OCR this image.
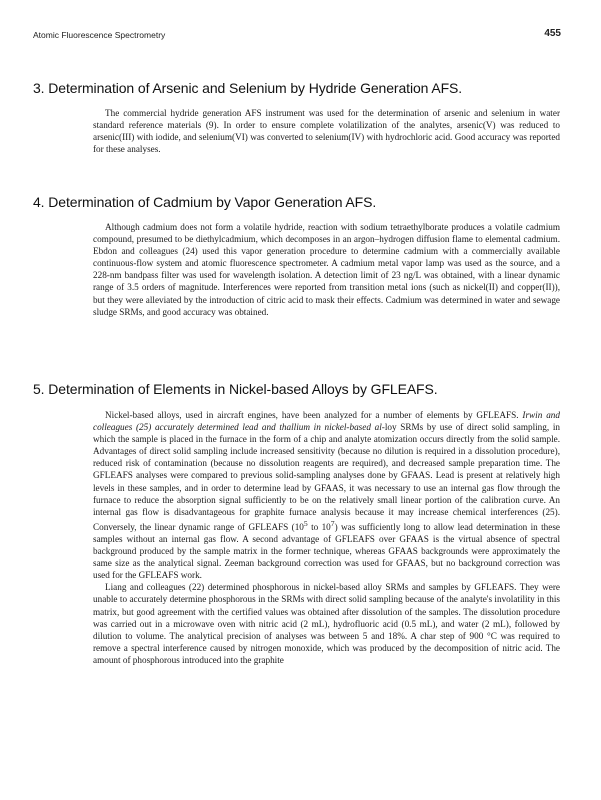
Atomic Fluorescence Spectrometry	455
3. Determination of Arsenic and Selenium by Hydride Generation AFS.

The commercial hydride generation AFS instrument was used for the determination of arsenic and selenium in water standard reference materials (9). In order to ensure complete volatilization of the analytes, arsenic(V) was reduced to arsenic(III) with iodide, and selenium(VI) was converted to selenium(IV) with hydrochloric acid. Good accuracy was reported for these analyses.

4. Determination of Cadmium by Vapor Generation AFS.

Although cadmium does not form a volatile hydride, reaction with sodium tetraethylborate produces a volatile cadmium compound, presumed to be diethylcadmium, which decomposes in an argon–hydrogen diffusion flame to elemental cadmium. Ebdon and colleagues (24) used this vapor generation procedure to determine cadmium with a commercially available continuous-flow system and atomic fluorescence spectrometer. A cadmium metal vapor lamp was used as the source, and a 228-nm bandpass filter was used for wavelength isolation. A detection limit of 23 ng/L was obtained, with a linear dynamic range of 3.5 orders of magnitude. Interferences were reported from transition metal ions (such as nickel(II) and copper(II)), but they were alleviated by the introduction of citric acid to mask their effects. Cadmium was determined in water and sewage sludge SRMs, and good accuracy was obtained.

5. Determination of Elements in Nickel-based Alloys by GFLEAFS.

Nickel-based alloys, used in aircraft engines, have been analyzed for a number of elements by GFLEAFS. Irwin and colleagues (25) accurately determined lead and thallium in nickel-based al-loy SRMs by use of direct solid sampling, in which the sample is placed in the furnace in the form of a chip and analyte atomization occurs directly from the solid sample. Advantages of direct solid sampling include increased sensitivity (because no dilution is required in a dissolution procedure), reduced risk of contamination (because no dissolution reagents are required), and decreased sample preparation time. The GFLEAFS analyses were compared to previous solid-sampling analyses done by GFAAS. Lead is present at relatively high levels in these samples, and in order to determine lead by GFAAS, it was necessary to use an internal gas flow through the furnace to reduce the absorption signal sufficiently to be on the relatively small linear portion of the calibration curve. An internal gas flow is disadvantageous for graphite furnace analysis because it may increase chemical interferences (25). Conversely, the linear dynamic range of GFLEAFS ($10^5$ to $10^7$) was sufficiently long to allow lead determination in these samples without an internal gas flow. A second advantage of GFLEAFS over GFAAS is the virtual absence of spectral background produced by the sample matrix in the former technique, whereas GFAAS backgrounds were approximately the same size as the analytical signal. Zeeman background correction was used for GFAAS, but no background correction was used for the GFLEAFS work.

Liang and colleagues (22) determined phosphorous in nickel-based alloy SRMs and samples by GFLEAFS. They were unable to accurately determine phosphorous in the SRMs with direct solid sampling because of the analyte's involatility in this matrix, but good agreement with the certified values was obtained after dissolution of the samples. The dissolution procedure was carried out in a microwave oven with nitric acid (2 mL), hydrofluoric acid (0.5 mL), and water (2 mL), followed by dilution to volume. The analytical precision of analyses was between 5 and 18%. A char step of 900 °C was required to remove a spectral interference caused by nitrogen monoxide, which was produced by the decomposition of nitric acid. The amount of phosphorous introduced into the graphite
